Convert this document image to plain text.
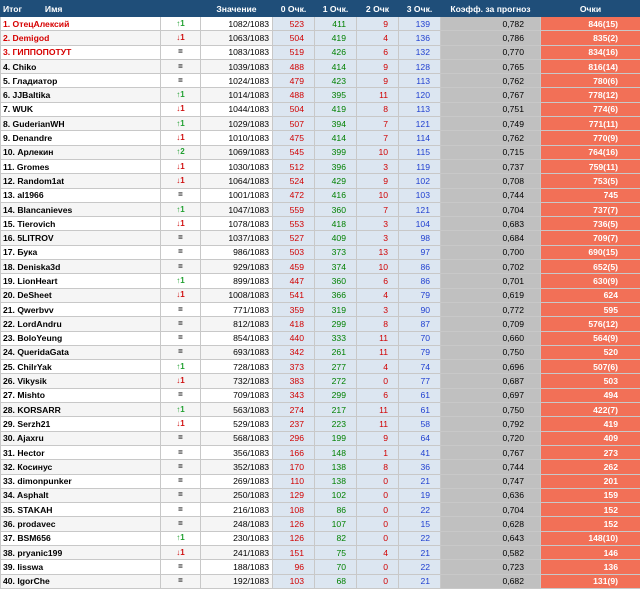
Итог Имя		Значение	0 Очк.	1 Очк.	2 Очк	3 Очк.	Коэфф. за прогноз	Очки
1. ОтецАлексий	↑1	1082/1083	523	411	9	139	0,782	846(15)
2. Demigod	↓1	1063/1083	504	419	4	136	0,786	835(2)
3. ГИППОПОТУТ	=	1083/1083	519	426	6	132	0,770	834(16)
4. Chiko	=	1039/1083	488	414	9	128	0,765	816(14)
5. Гладиатор	=	1024/1083	479	423	9	113	0,762	780(6)
6. JJBaltika	↑1	1014/1083	488	395	11	120	0,767	778(12)
7. WUK	↓1	1044/1083	504	419	8	113	0,751	774(6)
8. GuderianWH	↑1	1029/1083	507	394	7	121	0,749	771(11)
9. Denandre	↓1	1010/1083	475	414	7	114	0,762	770(9)
10. Арлекин	↑2	1069/1083	545	399	10	115	0,715	764(16)
11. Gromes	↓1	1030/1083	512	396	3	119	0,737	759(11)
12. Random1at	↓1	1064/1083	524	429	9	102	0,708	753(5)
13. al1966	=	1001/1083	472	416	10	103	0,744	745
14. Blancanieves	↑1	1047/1083	559	360	7	121	0,704	737(7)
15. Tierovich	↓1	1078/1083	553	418	3	104	0,683	736(5)
16. 5LITROV	=	1037/1083	527	409	3	98	0,684	709(7)
17. Бука	=	986/1083	503	373	13	97	0,700	690(15)
18. Deniska3d	=	929/1083	459	374	10	86	0,702	652(5)
19. LionHeart	↑1	899/1083	447	360	6	86	0,701	630(9)
20. DeSheet	↓1	1008/1083	541	366	4	79	0,619	624
21. Qwerbvv	=	771/1083	359	319	3	90	0,772	595
22. LordAndru	=	812/1083	418	299	8	87	0,709	576(12)
23. BoloYeung	=	854/1083	440	333	11	70	0,660	564(9)
24. QueridaGata	=	693/1083	342	261	11	79	0,750	520
25. ChilrYak	↑1	728/1083	373	277	4	74	0,696	507(6)
26. Vikysik	↓1	732/1083	383	272	0	77	0,687	503
27. Mishto	=	709/1083	343	299	6	61	0,697	494
28. KORSARR	↑1	563/1083	274	217	11	61	0,750	422(7)
29. Serzh21	↓1	529/1083	237	223	11	58	0,792	419
30. Ajaxru	=	568/1083	296	199	9	64	0,720	409
31. Hector	=	356/1083	166	148	1	41	0,767	273
32. Косинус	=	352/1083	170	138	8	36	0,744	262
33. dimonpunker	=	269/1083	110	138	0	21	0,747	201
34. Asphalt	=	250/1083	129	102	0	19	0,636	159
35. STAKAH	=	216/1083	108	86	0	22	0,704	152
36. prodavec	=	248/1083	126	107	0	15	0,628	152
37. BSM656	↑1	230/1083	126	82	0	22	0,643	148(10)
38. pryanic199	↓1	241/1083	151	75	4	21	0,582	146
39. lisswa	=	188/1083	96	70	0	22	0,723	136
40. IgorChe	=	192/1083	103	68	0	21	0,682	131(9)
